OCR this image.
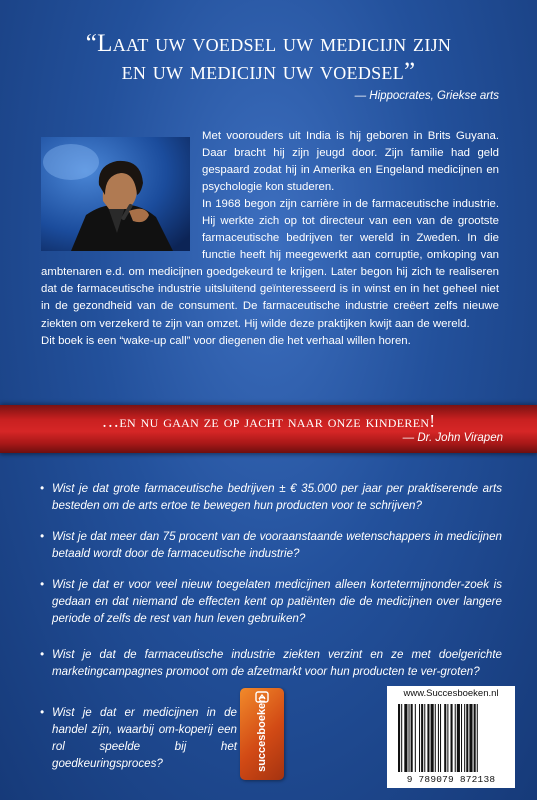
“Laat uw voedsel uw medicijn zijn
en uw medicijn uw voedsel”
— Hippocrates, Griekse arts

Met voorouders uit India is hij geboren in Brits Guyana. Daar bracht hij zijn jeugd door. Zijn familie had geld gespaard zodat hij in Amerika en Engeland medicijnen en psychologie kon studeren.

In 1968 begon zijn carrière in de farmaceutische industrie. Hij werkte zich op tot directeur van een van de grootste farmaceutische bedrijven ter wereld in Zweden. In die functie heeft hij meegewerkt aan corruptie, omkoping van ambtenaren e.d. om medicijnen goedgekeurd te krijgen. Later begon hij zich te realiseren dat de farmaceutische industrie uitsluitend geïnteresseerd is in winst en in het geheel niet in de gezondheid van de consument. De farmaceutische industrie creëert zelfs nieuwe ziekten om verzekerd te zijn van omzet. Hij wilde deze praktijken kwijt aan de wereld.

Dit boek is een “wake-up call” voor diegenen die het verhaal willen horen.

…en nu gaan ze op jacht naar onze kinderen!
— Dr. John Virapen
• Wist je dat grote farmaceutische bedrijven ± € 35.000 per jaar per praktiserende arts besteden om de arts ertoe te bewegen hun producten voor te schrijven?
• Wist je dat meer dan 75 procent van de vooraanstaande wetenschappers in medicijnen betaald wordt door de farmaceutische industrie?
• Wist je dat er voor veel nieuw toegelaten medicijnen alleen kortetermijnonder-zoek is gedaan en dat niemand de effecten kent op patiënten die de medicijnen over langere periode of zelfs de rest van hun leven gebruiken?
• Wist je dat de farmaceutische industrie ziekten verzint en ze met doelgerichte marketingcampagnes promoot om de afzetmarkt voor hun producten te ver-groten?
• Wist je dat er medicijnen in de handel zijn, waarbij om-koperij een rol speelde bij het goedkeuringsproces?	succesboeken
www.Succesboeken.nl
9 789079 872138
